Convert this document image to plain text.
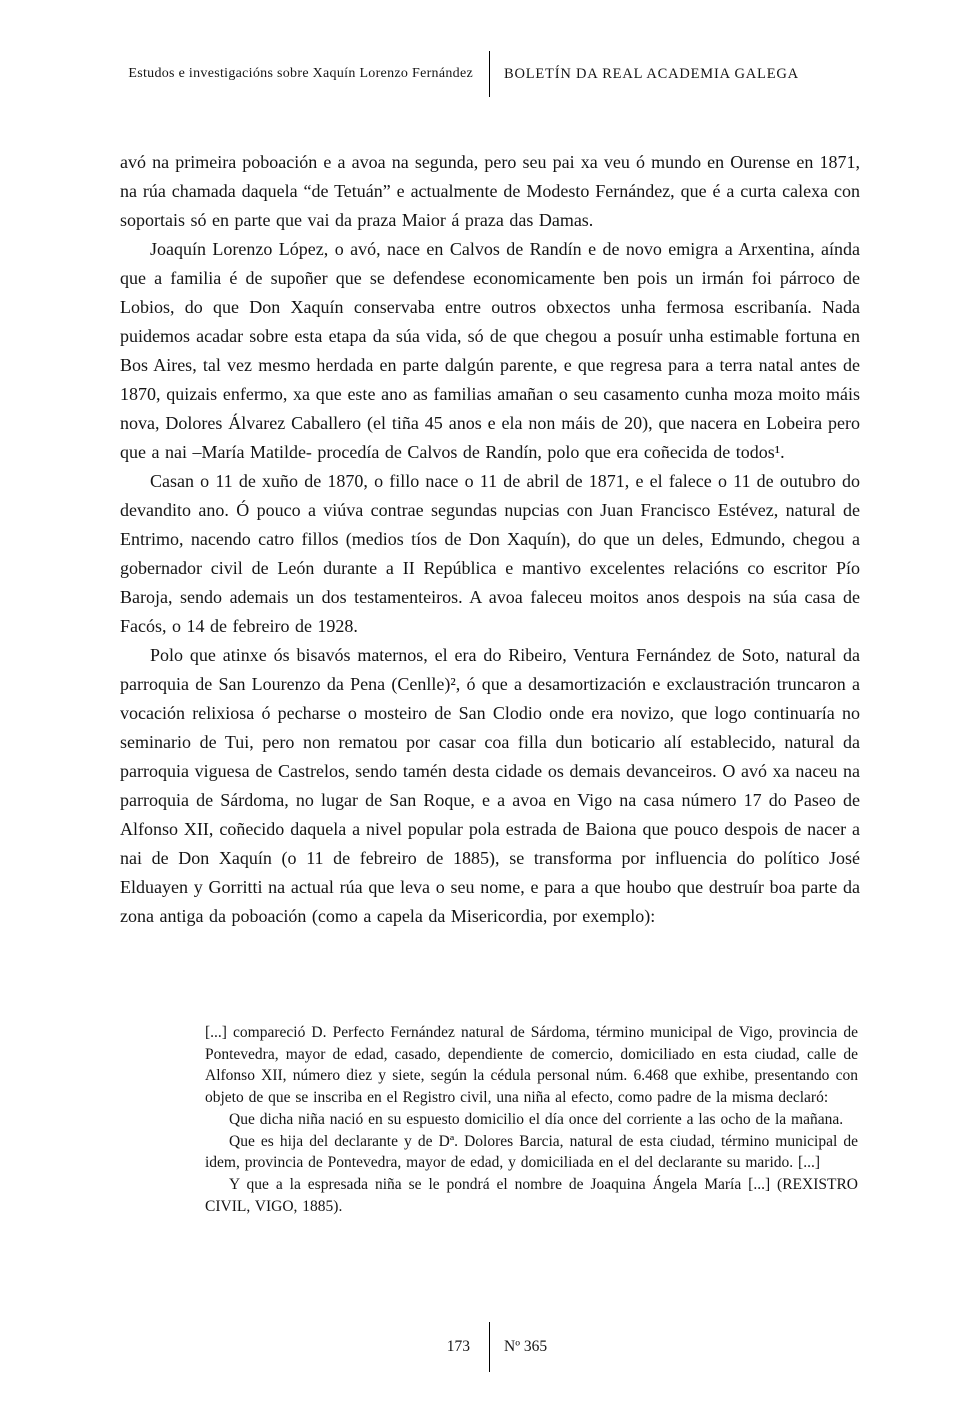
Estudos e investigacións sobre Xaquín Lorenzo Fernández	BOLETÍN DA REAL ACADEMIA GALEGA

avó na primeira poboación e a avoa na segunda, pero seu pai xa veu ó mundo en Ourense en 1871, na rúa chamada daquela “de Tetuán” e actualmente de Modesto Fernández, que é a curta calexa con soportais só en parte que vai da praza Maior á praza das Damas.

Joaquín Lorenzo López, o avó, nace en Calvos de Randín e de novo emigra a Arxentina, aínda que a familia é de supoñer que se defendese economicamente ben pois un irmán foi párroco de Lobios, do que Don Xaquín conservaba entre outros obxectos unha fermosa escribanía. Nada puidemos acadar sobre esta etapa da súa vida, só de que chegou a posuír unha estimable fortuna en Bos Aires, tal vez mesmo herdada en parte dalgún parente, e que regresa para a terra natal antes de 1870, quizais enfermo, xa que este ano as familias amañan o seu casamento cunha moza moito máis nova, Dolores Álvarez Caballero (el tiña 45 anos e ela non máis de 20), que nacera en Lobeira pero que a nai –María Matilde- procedía de Calvos de Randín, polo que era coñecida de todos¹.

Casan o 11 de xuño de 1870, o fillo nace o 11 de abril de 1871, e el falece o 11 de outubro do devandito ano. Ó pouco a viúva contrae segundas nupcias con Juan Francisco Estévez, natural de Entrimo, nacendo catro fillos (medios tíos de Don Xaquín), do que un deles, Edmundo, chegou a gobernador civil de León durante a II República e mantivo excelentes relacións co escritor Pío Baroja, sendo ademais un dos testamenteiros. A avoa faleceu moitos anos despois na súa casa de Facós, o 14 de febreiro de 1928.

Polo que atinxe ós bisavós maternos, el era do Ribeiro, Ventura Fernández de Soto, natural da parroquia de San Lourenzo da Pena (Cenlle)², ó que a desamortización e exclaustración truncaron a vocación relixiosa ó pecharse o mosteiro de San Clodio onde era novizo, que logo continuaría no seminario de Tui, pero non rematou por casar coa filla dun boticario alí establecido, natural da parroquia viguesa de Castrelos, sendo tamén desta cidade os demais devanceiros. O avó xa naceu na parroquia de Sárdoma, no lugar de San Roque, e a avoa en Vigo na casa número 17 do Paseo de Alfonso XII, coñecido daquela a nivel popular pola estrada de Baiona que pouco despois de nacer a nai de Don Xaquín (o 11 de febreiro de 1885), se transforma por influencia do político José Elduayen y Gorritti na actual rúa que leva o seu nome, e para a que houbo que destruír boa parte da zona antiga da poboación (como a capela da Misericordia, por exemplo):

[...] compareció D. Perfecto Fernández natural de Sárdoma, término municipal de Vigo, provincia de Pontevedra, mayor de edad, casado, dependiente de comercio, domiciliado en esta ciudad, calle de Alfonso XII, número diez y siete, según la cédula personal núm. 6.468 que exhibe, presentando con objeto de que se inscriba en el Registro civil, una niña al efecto, como padre de la misma declaró:

Que dicha niña nació en su espuesto domicilio el día once del corriente a las ocho de la mañana.

Que es hija del declarante y de Dª. Dolores Barcia, natural de esta ciudad, término municipal de idem, provincia de Pontevedra, mayor de edad, y domiciliada en el del declarante su marido. [...]

Y que a la espresada niña se le pondrá el nombre de Joaquina Ángela María [...] (REXISTRO CIVIL, VIGO, 1885).

173	Nº 365
